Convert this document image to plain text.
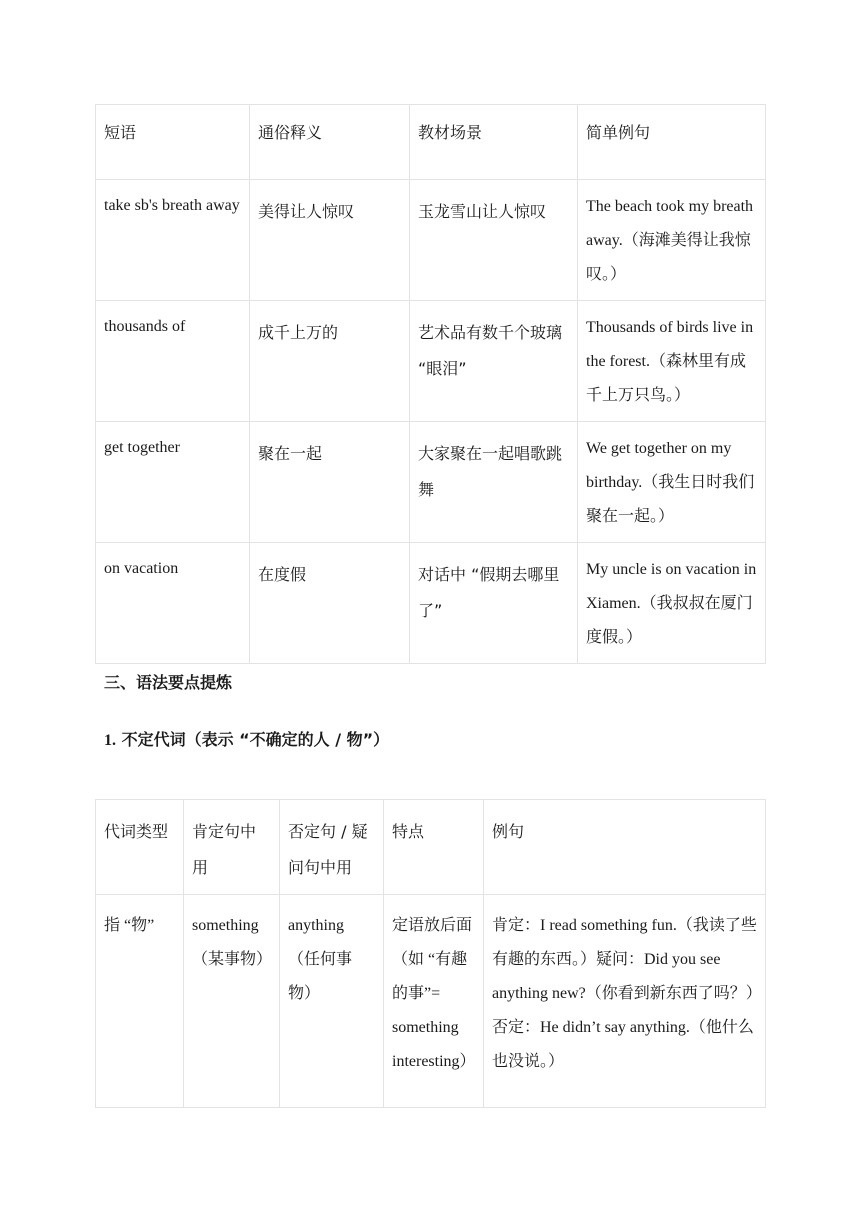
短语	通俗释义	教材场景	简单例句
take sb's breath away	美得让人惊叹	玉龙雪山让人惊叹	The beach took my breath away.（海滩美得让我惊叹。）
thousands of	成千上万的	艺术品有数千个玻璃 “眼泪”	Thousands of birds live in the forest.（森林里有成千上万只鸟。）
get together	聚在一起	大家聚在一起唱歌跳舞	We get together on my birthday.（我生日时我们聚在一起。）
on vacation	在度假	对话中 “假期去哪里了”	My uncle is on vacation in Xiamen.（我叔叔在厦门度假。）
三、语法要点提炼
1. 不定代词（表示 “不确定的人 / 物”）
代词类型	肯定句中用	否定句 / 疑问句中用	特点	例句
指 “物”	something（某事物）	anything（任何事物）	定语放后面（如 “有趣的事”= something interesting）	肯定：I read something fun.（我读了些有趣的东西。）疑问：Did you see anything new?（你看到新东西了吗？）否定：He didn’t say anything.（他什么也没说。）
